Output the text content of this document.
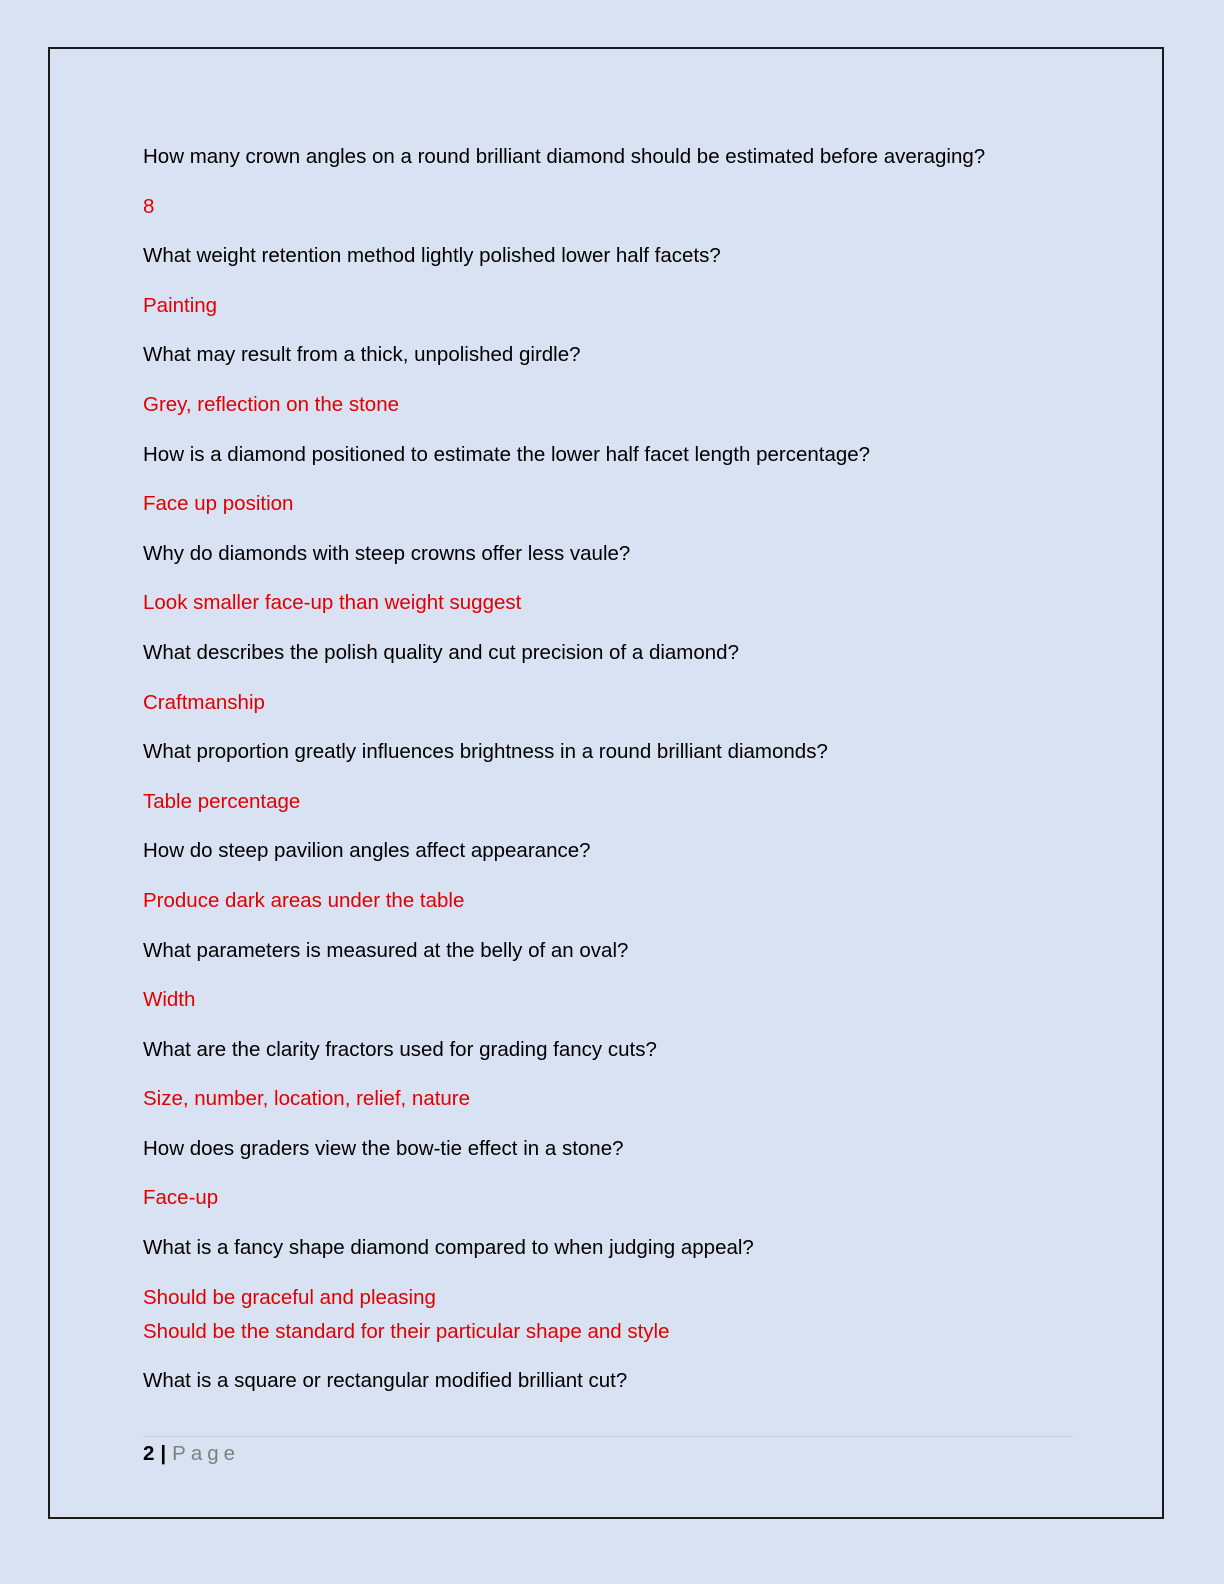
How many crown angles on a round brilliant diamond should be estimated before averaging?

8

What weight retention method lightly polished lower half facets?

Painting

What may result from a thick, unpolished girdle?

Grey, reflection on the stone

How is a diamond positioned to estimate the lower half facet length percentage?

Face up position

Why do diamonds with steep crowns offer less vaule?

Look smaller face-up than weight suggest

What describes the polish quality and cut precision of a diamond?

Craftmanship

What proportion greatly influences brightness in a round brilliant diamonds?

Table percentage

How do steep pavilion angles affect appearance?

Produce dark areas under the table

What parameters is measured at the belly of an oval?

Width

What are the clarity fractors used for grading fancy cuts?

Size, number, location, relief, nature

How does graders view the bow-tie effect in a stone?

Face-up

What is a fancy shape diamond compared to when judging appeal?

Should be graceful and pleasing

Should be the standard for their particular shape and style

What is a square or rectangular modified brilliant cut?

2 | Page
